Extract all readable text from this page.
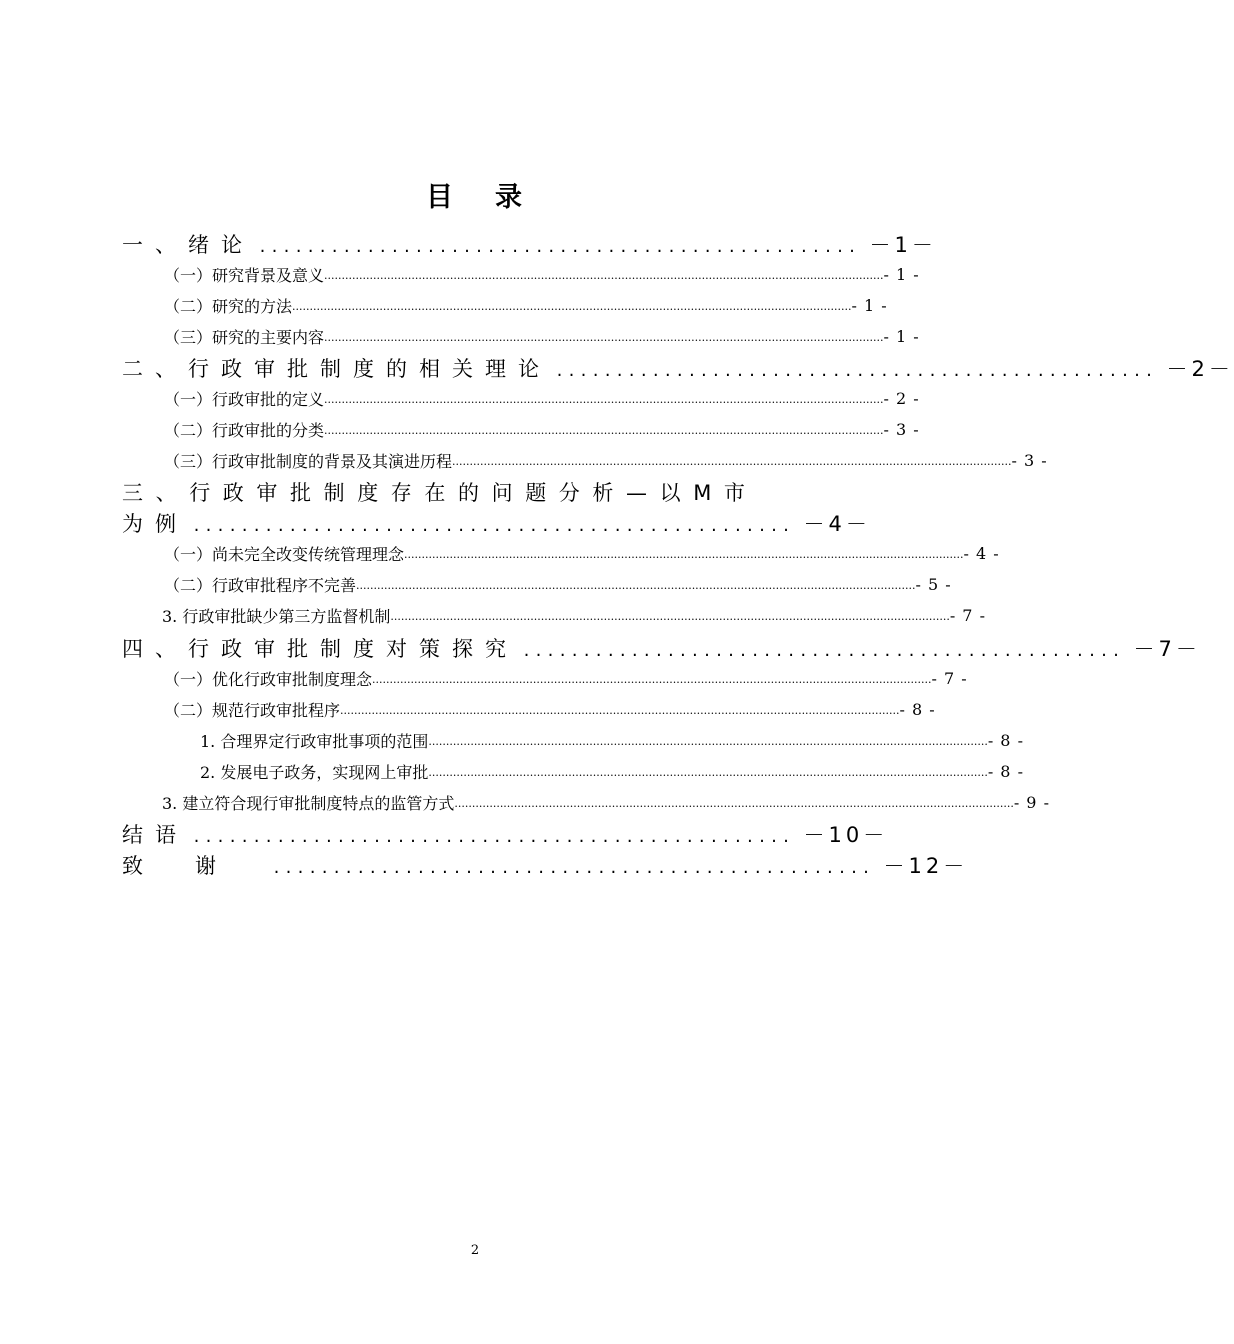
目 录
一、绪论 .................................................. －1－
（一）研究背景及意义 ................................................................................................................................................................ - 1 -
（二）研究的方法 ................................................................................................................................................................ - 1 -
（三）研究的主要内容 ................................................................................................................................................................ - 1 -
二、行政审批制度的相关理论 .................................................. －2－
（一）行政审批的定义 ................................................................................................................................................................ - 2 -
（二）行政审批的分类 ................................................................................................................................................................ - 3 -
（三）行政审批制度的背景及其演进历程 ................................................................................................................................................................ - 3 -
三、行政审批制度存在的问题分析—以M市
为例 .................................................. －4－
（一）尚未完全改变传统管理理念 ................................................................................................................................................................ - 4 -
（二）行政审批程序不完善 ................................................................................................................................................................ - 5 -
3. 行政审批缺少第三方监督机制 ................................................................................................................................................................ - 7 -
四、行政审批制度对策探究 .................................................. －7－
（一）优化行政审批制度理念 ................................................................................................................................................................ - 7 -
（二）规范行政审批程序 ................................................................................................................................................................ - 8 -
1. 合理界定行政审批事项的范围 ................................................................................................................................................................ - 8 -
2. 发展电子政务，实现网上审批 ................................................................................................................................................................ - 8 -
3. 建立符合现行审批制度特点的监管方式 ................................................................................................................................................................ - 9 -
结语 .................................................. －10－
致谢 .................................................. －12－
2
